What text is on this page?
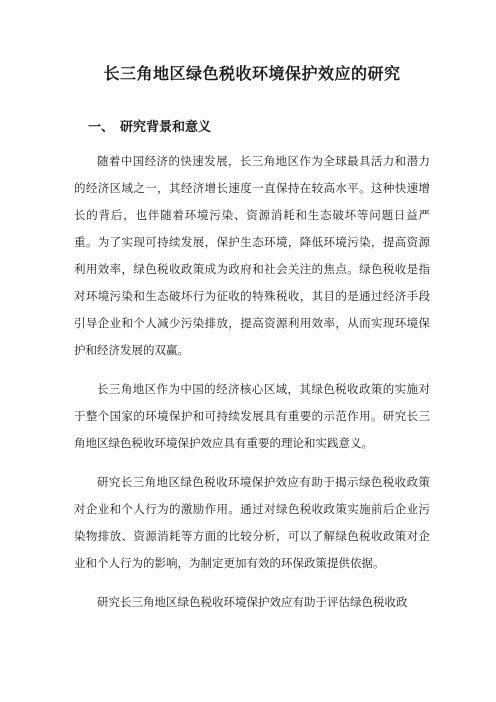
长三角地区绿色税收环境保护效应的研究
一、 研究背景和意义

随着中国经济的快速发展，长三角地区作为全球最具活力和潜力的经济区域之一，其经济增长速度一直保持在较高水平。这种快速增长的背后，也伴随着环境污染、资源消耗和生态破坏等问题日益严重。为了实现可持续发展，保护生态环境，降低环境污染，提高资源利用效率，绿色税收政策成为政府和社会关注的焦点。绿色税收是指对环境污染和生态破坏行为征收的特殊税收，其目的是通过经济手段引导企业和个人减少污染排放，提高资源利用效率，从而实现环境保护和经济发展的双赢。

长三角地区作为中国的经济核心区域，其绿色税收政策的实施对于整个国家的环境保护和可持续发展具有重要的示范作用。研究长三角地区绿色税收环境保护效应具有重要的理论和实践意义。

研究长三角地区绿色税收环境保护效应有助于揭示绿色税收政策对企业和个人行为的激励作用。通过对绿色税收政策实施前后企业污染物排放、资源消耗等方面的比较分析，可以了解绿色税收政策对企业和个人行为的影响，为制定更加有效的环保政策提供依据。

研究长三角地区绿色税收环境保护效应有助于评估绿色税收政
